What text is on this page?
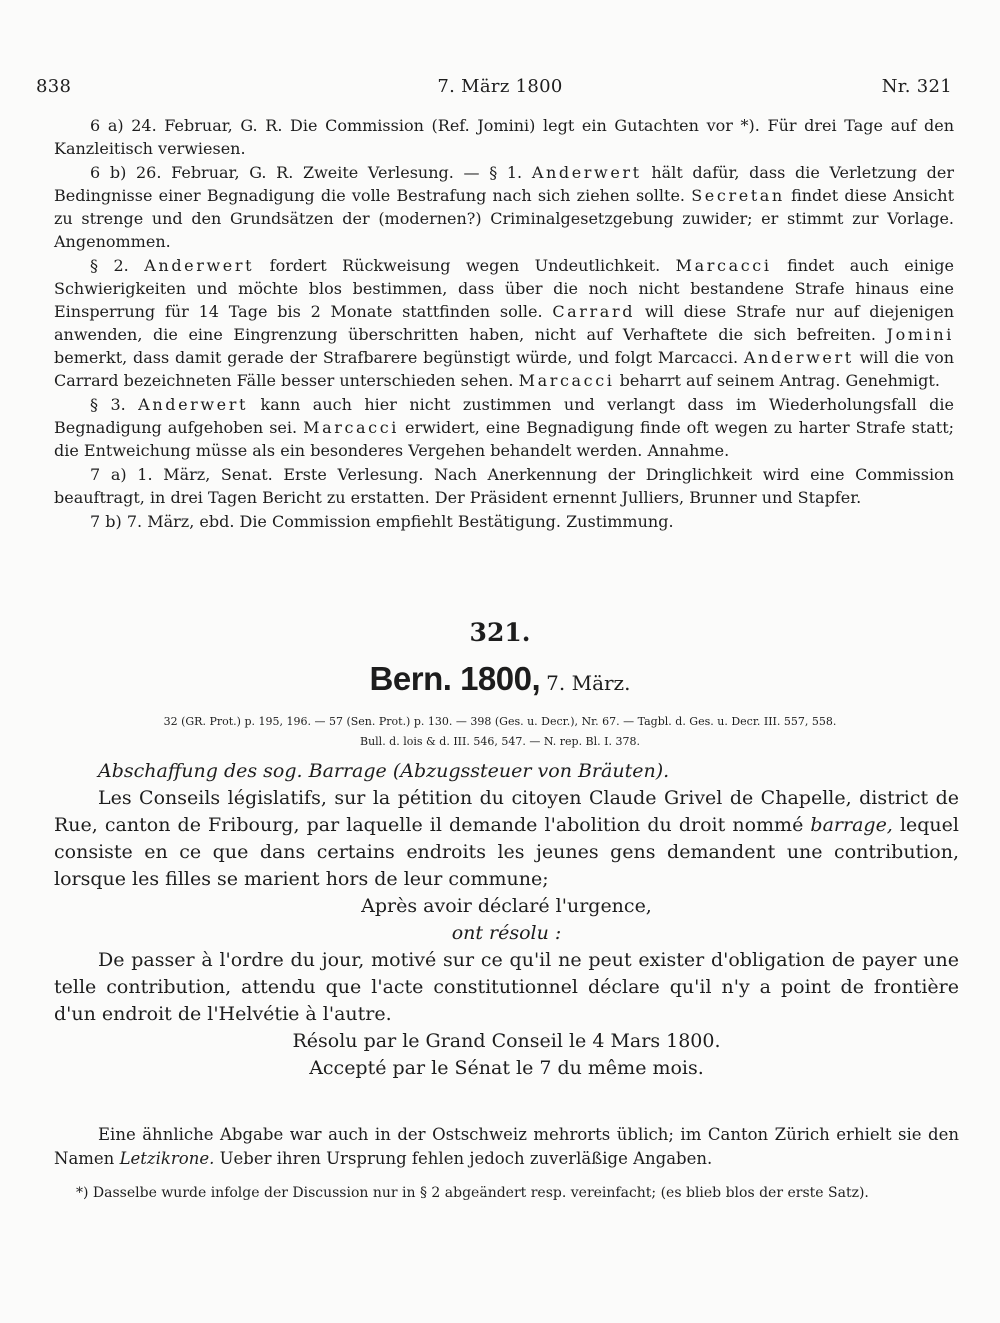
838	7. März 1800	Nr. 321

6 a) 24. Februar, G. R. Die Commission (Ref. Jomini) legt ein Gutachten vor *). Für drei Tage auf den Kanzleitisch verwiesen.

6 b) 26. Februar, G. R. Zweite Verlesung. — § 1. Anderwert hält dafür, dass die Verletzung der Bedingnisse einer Begnadigung die volle Bestrafung nach sich ziehen sollte. Secretan findet diese Ansicht zu strenge und den Grundsätzen der (modernen?) Criminalgesetzgebung zuwider; er stimmt zur Vorlage. Angenommen.

§ 2. Anderwert fordert Rückweisung wegen Undeutlichkeit. Marcacci findet auch einige Schwierigkeiten und möchte blos bestimmen, dass über die noch nicht bestandene Strafe hinaus eine Einsperrung für 14 Tage bis 2 Monate stattfinden solle. Carrard will diese Strafe nur auf diejenigen anwenden, die eine Eingrenzung überschritten haben, nicht auf Verhaftete die sich befreiten. Jomini bemerkt, dass damit gerade der Strafbarere begünstigt würde, und folgt Marcacci. Anderwert will die von Carrard bezeichneten Fälle besser unterschieden sehen. Marcacci beharrt auf seinem Antrag. Genehmigt.

§ 3. Anderwert kann auch hier nicht zustimmen und verlangt dass im Wiederholungsfall die Begnadigung aufgehoben sei. Marcacci erwidert, eine Begnadigung finde oft wegen zu harter Strafe statt; die Entweichung müsse als ein besonderes Vergehen behandelt werden. Annahme.

7 a) 1. März, Senat. Erste Verlesung. Nach Anerkennung der Dringlichkeit wird eine Commission beauftragt, in drei Tagen Bericht zu erstatten. Der Präsident ernennt Julliers, Brunner und Stapfer.

7 b) 7. März, ebd. Die Commission empfiehlt Bestätigung. Zustimmung.

321.
Bern. 1800, 7. März.
32 (GR. Prot.) p. 195, 196. — 57 (Sen. Prot.) p. 130. — 398 (Ges. u. Decr.), Nr. 67. — Tagbl. d. Ges. u. Decr. III. 557, 558.
Bull. d. lois & d. III. 546, 547. — N. rep. Bl. I. 378.

Abschaffung des sog. Barrage (Abzugssteuer von Bräuten).

Les Conseils législatifs, sur la pétition du citoyen Claude Grivel de Chapelle, district de Rue, canton de Fribourg, par laquelle il demande l'abolition du droit nommé barrage, lequel consiste en ce que dans certains endroits les jeunes gens demandent une contribution, lorsque les filles se marient hors de leur commune;

Après avoir déclaré l'urgence,

ont résolu :

De passer à l'ordre du jour, motivé sur ce qu'il ne peut exister d'obligation de payer une telle contribution, attendu que l'acte constitutionnel déclare qu'il n'y a point de frontière d'un endroit de l'Helvétie à l'autre.

Résolu par le Grand Conseil le 4 Mars 1800.

Accepté par le Sénat le 7 du même mois.

Eine ähnliche Abgabe war auch in der Ostschweiz mehrorts üblich; im Canton Zürich erhielt sie den Namen Letzikrone. Ueber ihren Ursprung fehlen jedoch zuverläßige Angaben.

*) Dasselbe wurde infolge der Discussion nur in § 2 abgeändert resp. vereinfacht; (es blieb blos der erste Satz).
